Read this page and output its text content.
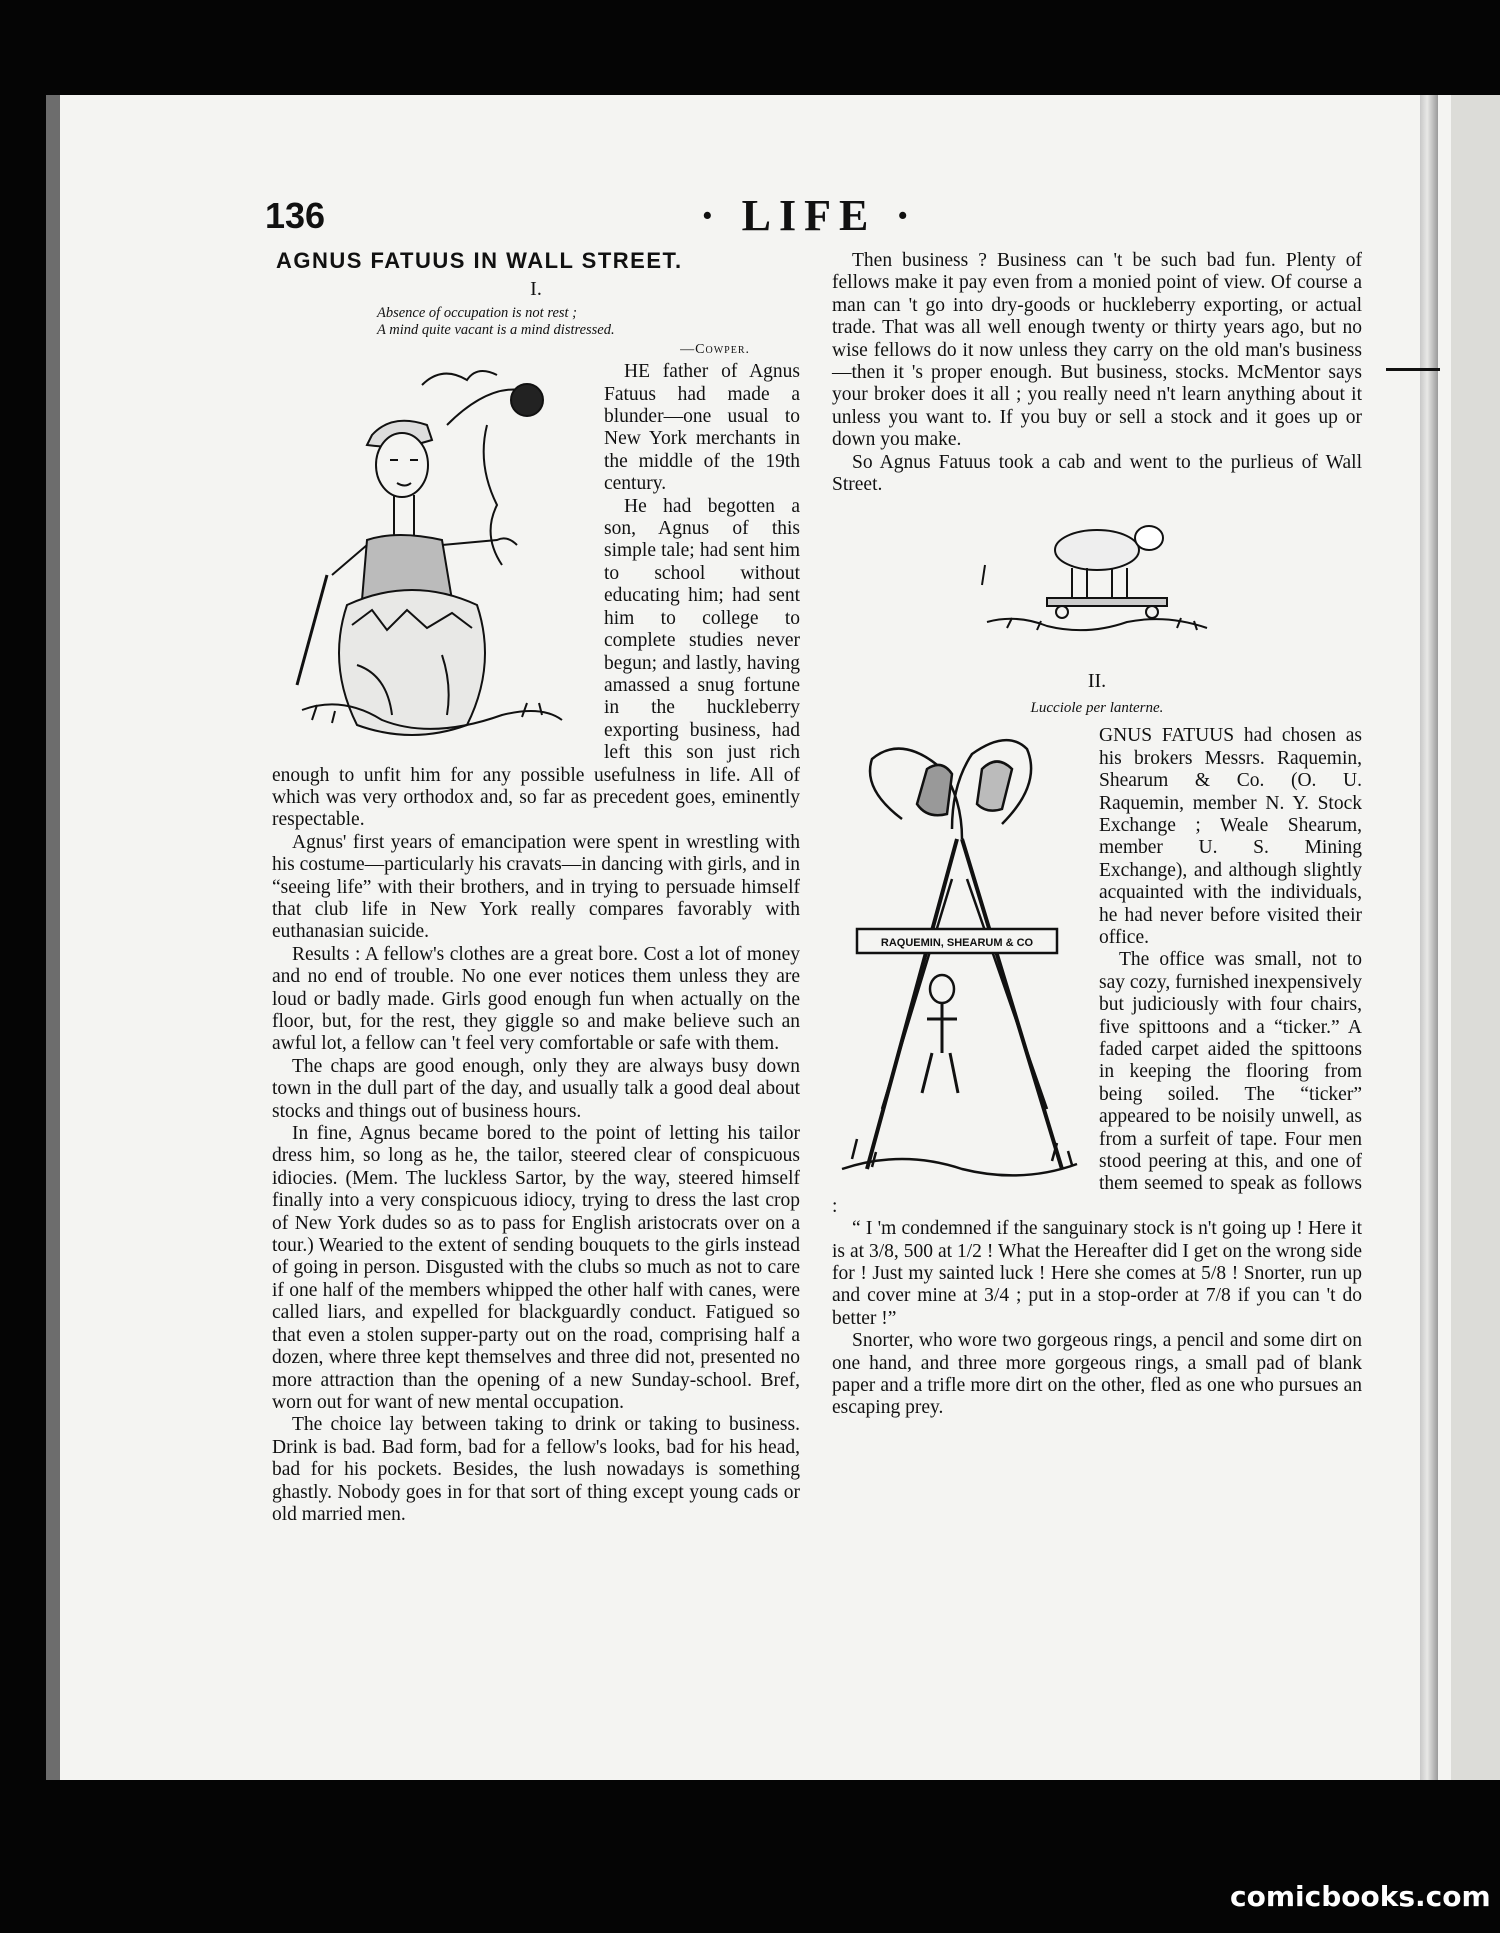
136	· LIFE ·
AGNUS FATUUS IN WALL STREET.
I.
Absence of occupation is not rest ;
A mind quite vacant is a mind distressed.
—Cowper.

HE father of Agnus Fatuus had made a blunder—one usual to New York merchants in the middle of the 19th century.

He had begotten a son, Agnus of this simple tale; had sent him to school without educating him; had sent him to college to complete studies never begun; and lastly, having amassed a snug fortune in the huckleberry exporting business, had left this son just rich enough to unfit him for any possible usefulness in life. All of which was very orthodox and, so far as precedent goes, eminently respectable.

Agnus' first years of emancipation were spent in wrestling with his costume—particularly his cravats—in dancing with girls, and in “seeing life” with their brothers, and in trying to persuade himself that club life in New York really compares favorably with euthanasian suicide.

Results : A fellow's clothes are a great bore. Cost a lot of money and no end of trouble. No one ever notices them unless they are loud or badly made. Girls good enough fun when actually on the floor, but, for the rest, they giggle so and make believe such an awful lot, a fellow can 't feel very comfortable or safe with them.

The chaps are good enough, only they are always busy down town in the dull part of the day, and usually talk a good deal about stocks and things out of business hours.

In fine, Agnus became bored to the point of letting his tailor dress him, so long as he, the tailor, steered clear of conspicuous idiocies. (Mem. The luckless Sartor, by the way, steered himself finally into a very conspicuous idiocy, trying to dress the last crop of New York dudes so as to pass for English aristocrats over on a tour.) Wearied to the extent of sending bouquets to the girls instead of going in person. Disgusted with the clubs so much as not to care if one half of the members whipped the other half with canes, were called liars, and expelled for blackguardly conduct. Fatigued so that even a stolen supper-party out on the road, comprising half a dozen, where three kept themselves and three did not, presented no more attraction than the opening of a new Sunday-school. Bref, worn out for want of new mental occupation.

The choice lay between taking to drink or taking to business. Drink is bad. Bad form, bad for a fellow's looks, bad for his head, bad for his pockets. Besides, the lush nowadays is something ghastly. Nobody goes in for that sort of thing except young cads or old married men.

Then business ? Business can 't be such bad fun. Plenty of fellows make it pay even from a monied point of view. Of course a man can 't go into dry-goods or huckleberry exporting, or actual trade. That was all well enough twenty or thirty years ago, but no wise fellows do it now unless they carry on the old man's business—then it 's proper enough. But business, stocks. McMentor says your broker does it all ; you really need n't learn anything about it unless you want to. If you buy or sell a stock and it goes up or down you make.

So Agnus Fatuus took a cab and went to the purlieus of Wall Street.

II.
Lucciole per lanterne.
RAQUEMIN, SHEARUM & CO

GNUS FATUUS had chosen as his brokers Messrs. Raquemin, Shearum & Co. (O. U. Raquemin, member N. Y. Stock Exchange ; Weale Shearum, member U. S. Mining Exchange), and although slightly acquainted with the individuals, he had never before visited their office.

The office was small, not to say cozy, furnished inexpensively but judiciously with four chairs, five spittoons and a “ticker.” A faded carpet aided the spittoons in keeping the flooring from being soiled. The “ticker” appeared to be noisily unwell, as from a surfeit of tape. Four men stood peering at this, and one of them seemed to speak as follows :

“ I 'm condemned if the sanguinary stock is n't going up ! Here it is at 3/8, 500 at 1/2 ! What the Hereafter did I get on the wrong side for ! Just my sainted luck ! Here she comes at 5/8 ! Snorter, run up and cover mine at 3/4 ; put in a stop-order at 7/8 if you can 't do better !”

Snorter, who wore two gorgeous rings, a pencil and some dirt on one hand, and three more gorgeous rings, a small pad of blank paper and a trifle more dirt on the other, fled as one who pursues an escaping prey.

comicbooks.com
